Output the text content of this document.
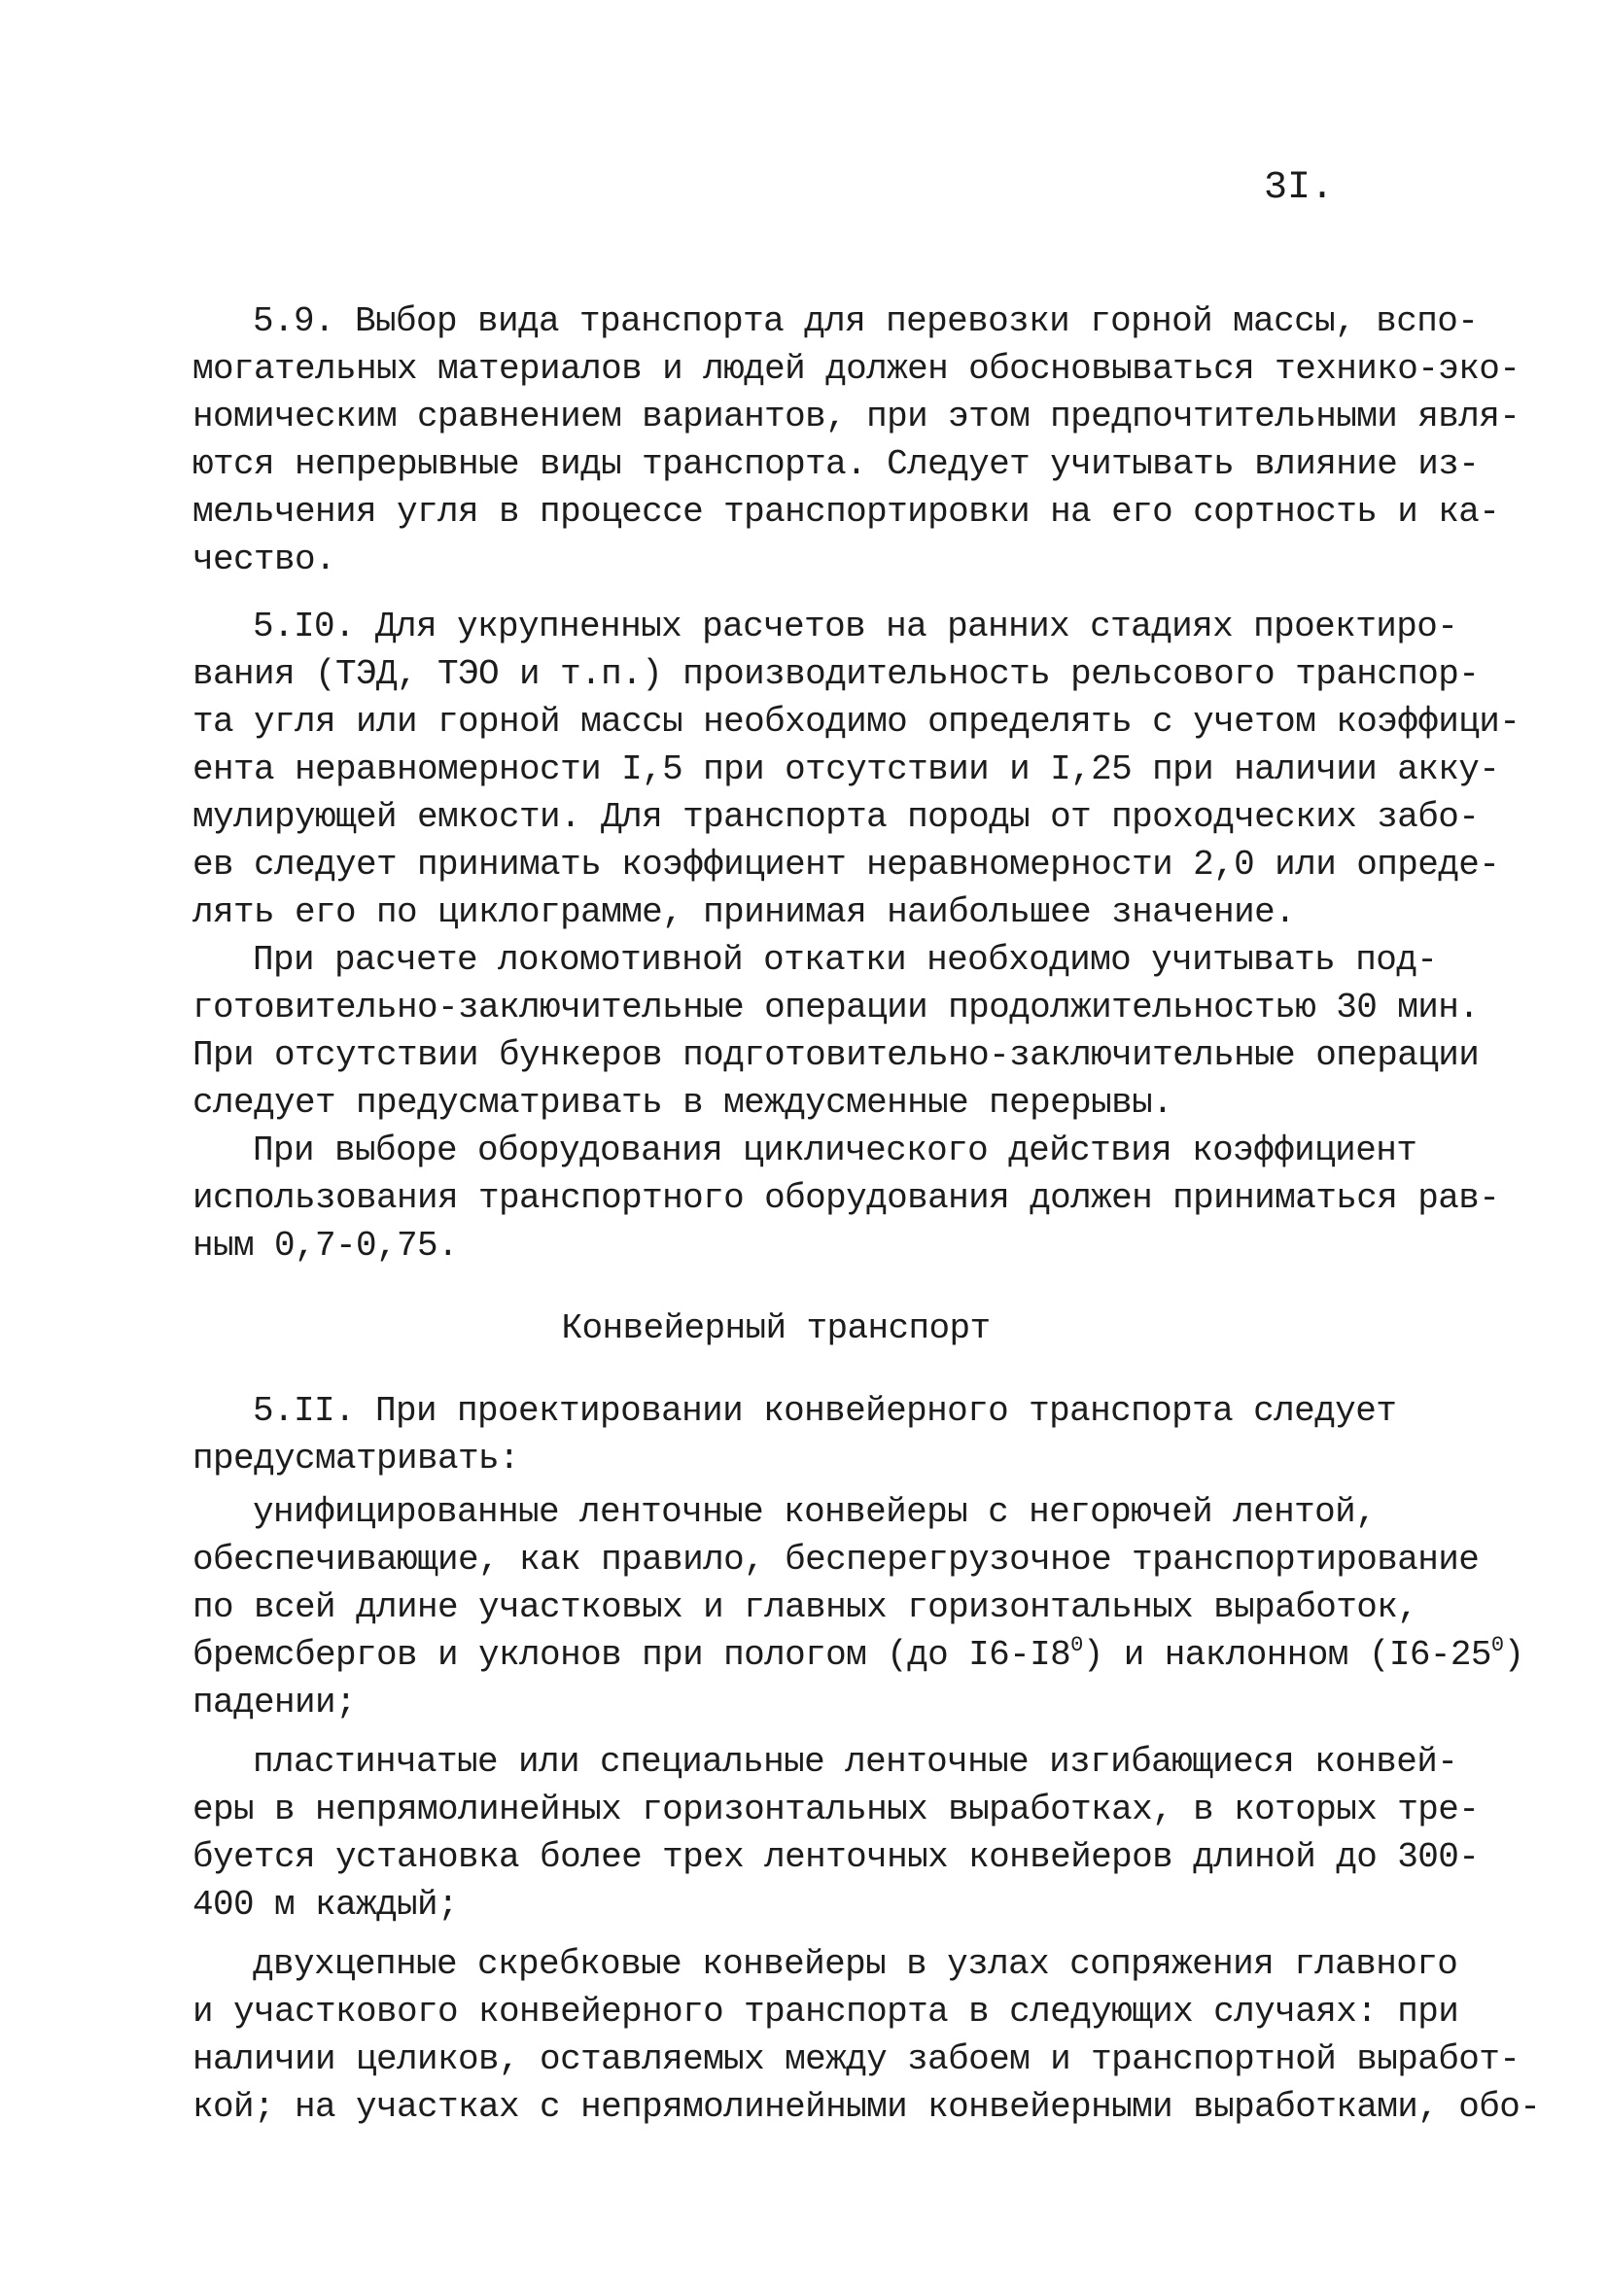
3I.
5.9. Выбор вида транспорта для перевозки горной массы, вспо-
могательных материалов и людей должен обосновываться технико-эко-
номическим сравнением вариантов, при этом предпочтительными явля-
ются непрерывные виды транспорта. Следует учитывать влияние из-
мельчения угля в процессе транспортировки на его сортность и ка-
чество.
5.I0. Для укрупненных расчетов на ранних стадиях проектиро-
вания (ТЭД, ТЭО и т.п.) производительность рельсового транспор-
та угля или горной массы необходимо определять с учетом коэффици-
ента неравномерности I,5 при отсутствии и I,25 при наличии акку-
мулирующей емкости. Для транспорта породы от проходческих забо-
ев следует принимать коэффициент неравномерности 2,0 или опреде-
лять его по циклограмме, принимая наибольшее значение.
При расчете локомотивной откатки необходимо учитывать под-
готовительно-заключительные операции продолжительностью 30 мин.
При отсутствии бункеров подготовительно-заключительные операции
следует предусматривать в междусменные перерывы.
При выборе оборудования циклического действия коэффициент
использования транспортного оборудования должен приниматься рав-
ным 0,7-0,75.
Конвейерный транспорт
5.II. При проектировании конвейерного транспорта следует
предусматривать:
унифицированные ленточные конвейеры с негорючей лентой,
обеспечивающие, как правило, бесперегрузочное транспортирование
по всей длине участковых и главных горизонтальных выработок,
бремсбергов и уклонов при пологом (до $I6-I8^0$) и наклонном $(I6-25^0)$
падении;
пластинчатые или специальные ленточные изгибающиеся конвей-
еры в непрямолинейных горизонтальных выработках, в которых тре-
буется установка более трех ленточных конвейеров длиной до 300-
400 м каждый;
двухцепные скребковые конвейеры в узлах сопряжения главного
и участкового конвейерного транспорта в следующих случаях: при
наличии целиков, оставляемых между забоем и транспортной выработ-
кой; на участках с непрямолинейными конвейерными выработками, обо-
